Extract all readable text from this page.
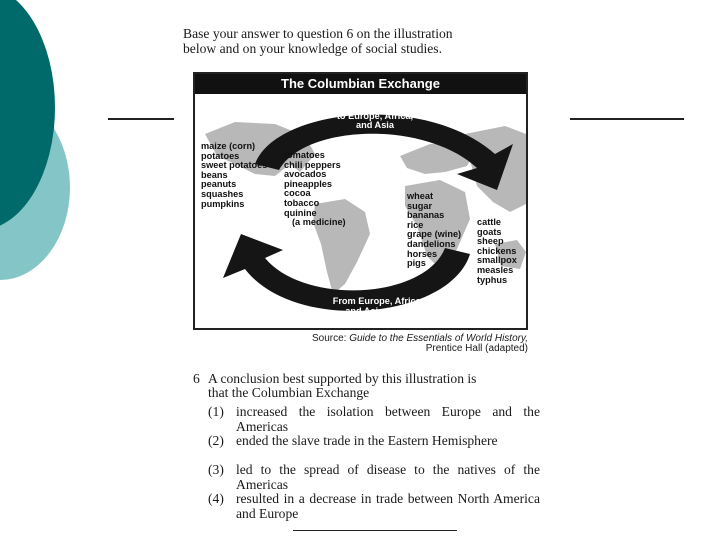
Base your answer to question 6 on the illustration
below and on your knowledge of social studies.
The Columbian Exchange
From the Americas
to Europe, Africa,
and Asia
maize (corn)
potatoes
sweet potatoes
beans
peanuts
squashes
pumpkins
tomatoes
chili peppers
avocados
pineapples
cocoa
tobacco
quinine
(a medicine)
wheat
sugar
bananas
rice
grape (wine)
dandelions
horses
pigs
cattle
goats
sheep
chickens
smallpox
measles
typhus
From Europe, Africa,
and Asia to the
Americas
Source: Guide to the Essentials of World History,
Prentice Hall (adapted)
6 A conclusion best supported by this illustration is
that the Columbian Exchange
(1) increased the isolation between Europe and the Americas
(2) ended the slave trade in the Eastern Hemisphere
(3) led to the spread of disease to the natives of the Americas
(4) resulted in a decrease in trade between North America and Europe
